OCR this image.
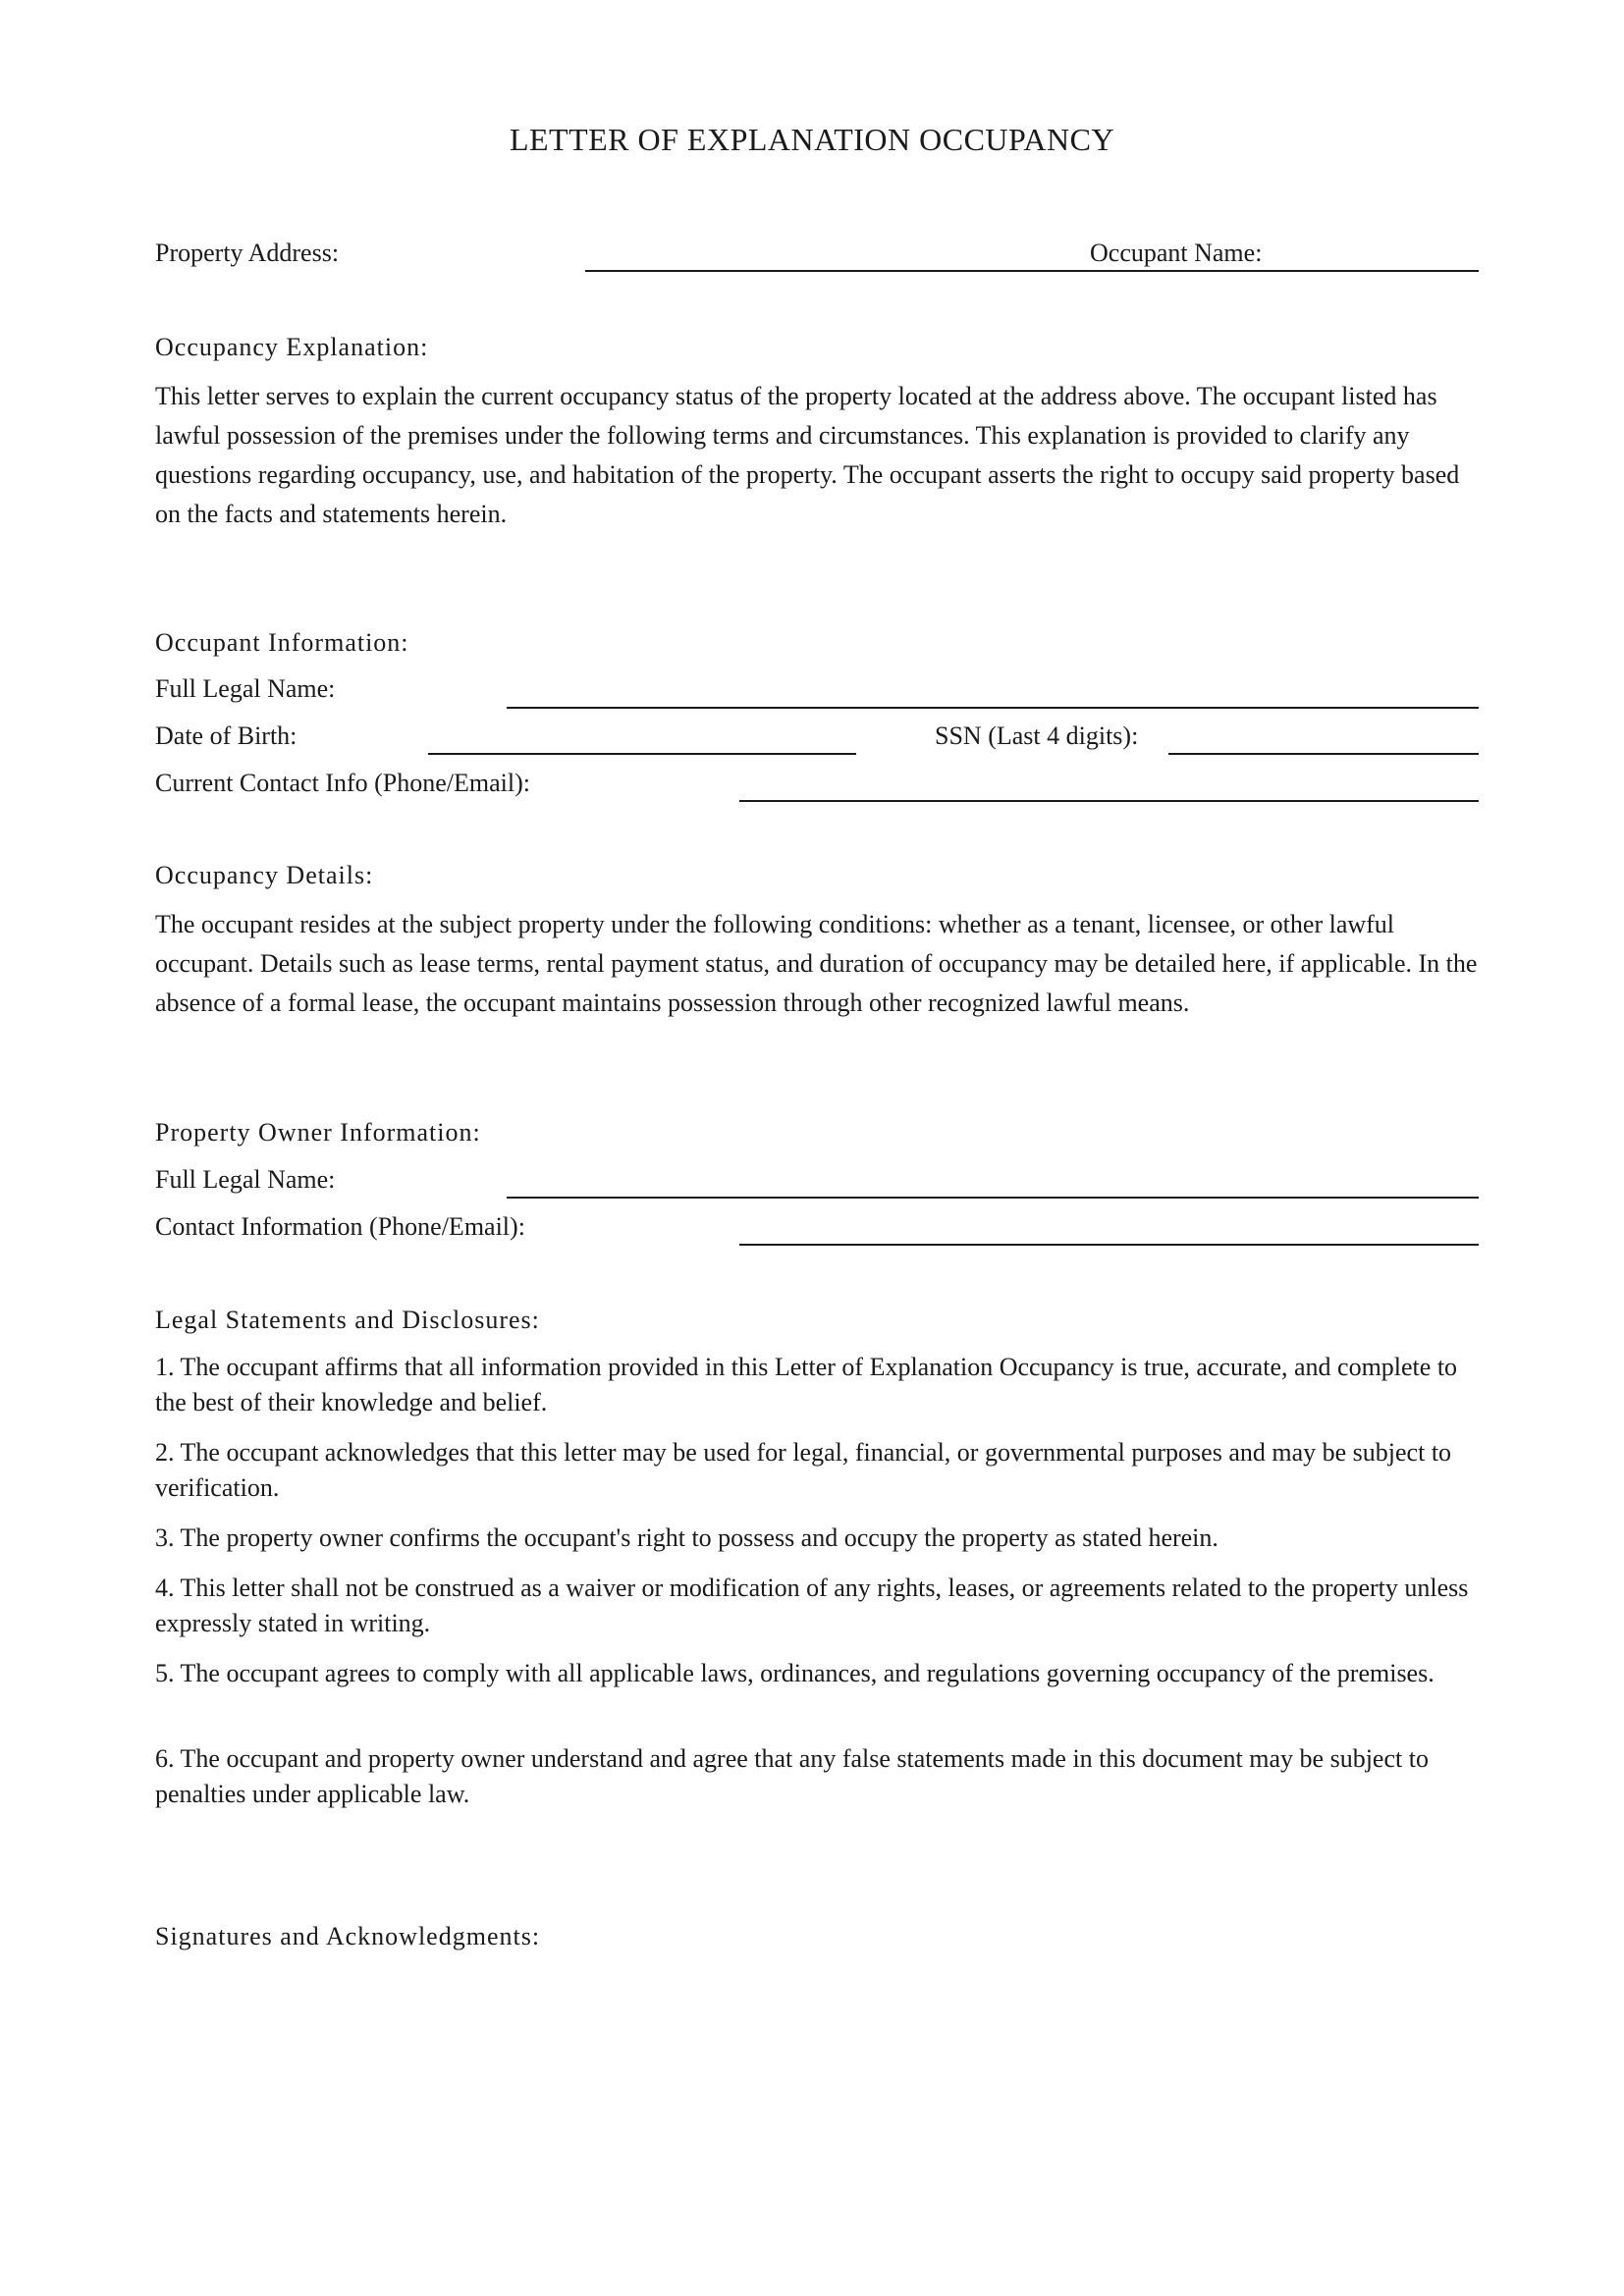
LETTER OF EXPLANATION OCCUPANCY
Property Address:	Occupant Name:
Occupancy Explanation:
This letter serves to explain the current occupancy status of the property located at the address above. The occupant listed has lawful possession of the premises under the following terms and circumstances. This explanation is provided to clarify any questions regarding occupancy, use, and habitation of the property. The occupant asserts the right to occupy said property based on the facts and statements herein.
Occupant Information:
Full Legal Name:
Date of Birth:	SSN (Last 4 digits):
Current Contact Info (Phone/Email):
Occupancy Details:
The occupant resides at the subject property under the following conditions: whether as a tenant, licensee, or other lawful occupant. Details such as lease terms, rental payment status, and duration of occupancy may be detailed here, if applicable. In the absence of a formal lease, the occupant maintains possession through other recognized lawful means.
Property Owner Information:
Full Legal Name:
Contact Information (Phone/Email):
Legal Statements and Disclosures:
1. The occupant affirms that all information provided in this Letter of Explanation Occupancy is true, accurate, and complete to the best of their knowledge and belief.
2. The occupant acknowledges that this letter may be used for legal, financial, or governmental purposes and may be subject to verification.
3. The property owner confirms the occupant's right to possess and occupy the property as stated herein.
4. This letter shall not be construed as a waiver or modification of any rights, leases, or agreements related to the property unless expressly stated in writing.
5. The occupant agrees to comply with all applicable laws, ordinances, and regulations governing occupancy of the premises.
6. The occupant and property owner understand and agree that any false statements made in this document may be subject to penalties under applicable law.
Signatures and Acknowledgments:
